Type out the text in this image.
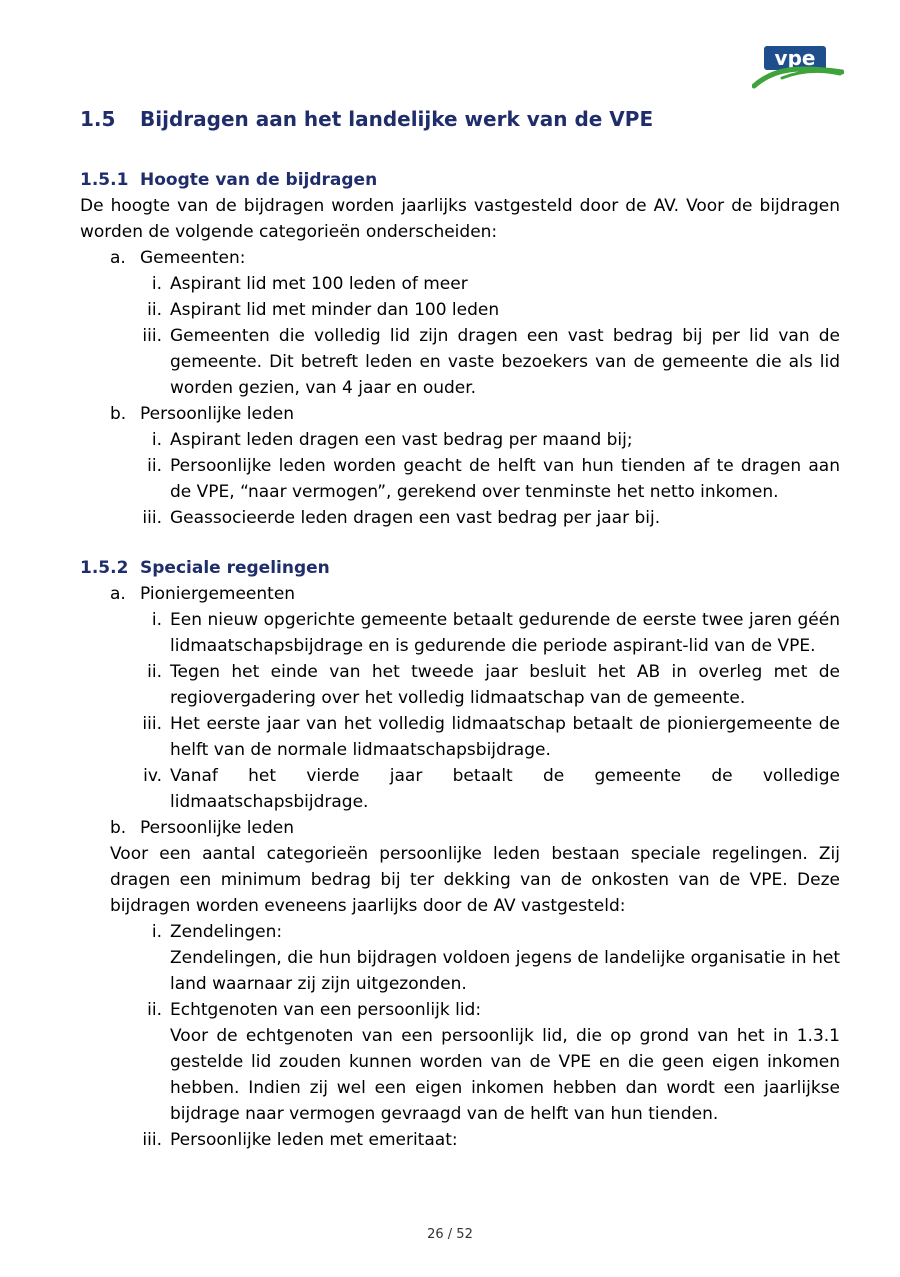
vpe
1.5	Bijdragen aan het landelijke werk van de VPE
1.5.1 Hoogte van de bijdragen

De hoogte van de bijdragen worden jaarlijks vastgesteld door de AV. Voor de bijdragen worden de volgende categorieën onderscheiden:

a. Gemeenten:
i. Aspirant lid met 100 leden of meer
ii. Aspirant lid met minder dan 100 leden
iii. Gemeenten die volledig lid zijn dragen een vast bedrag bij per lid van de gemeente. Dit betreft leden en vaste bezoekers van de gemeente die als lid worden gezien, van 4 jaar en ouder.
b. Persoonlijke leden
i. Aspirant leden dragen een vast bedrag per maand bij;
ii. Persoonlijke leden worden geacht de helft van hun tienden af te dragen aan de VPE, “naar vermogen”, gerekend over tenminste het netto inkomen.
iii. Geassocieerde leden dragen een vast bedrag per jaar bij.
1.5.2 Speciale regelingen
a. Pioniergemeenten
i. Een nieuw opgerichte gemeente betaalt gedurende de eerste twee jaren géén lidmaatschapsbijdrage en is gedurende die periode aspirant-lid van de VPE.
ii. Tegen het einde van het tweede jaar besluit het AB in overleg met de regiovergadering over het volledig lidmaatschap van de gemeente.
iii. Het eerste jaar van het volledig lidmaatschap betaalt de pioniergemeente de helft van de normale lidmaatschapsbijdrage.
iv. Vanaf het vierde jaar betaalt de gemeente de volledige lidmaatschapsbijdrage.
b. Persoonlijke leden

Voor een aantal categorieën persoonlijke leden bestaan speciale regelingen. Zij dragen een minimum bedrag bij ter dekking van de onkosten van de VPE. Deze bijdragen worden eveneens jaarlijks door de AV vastgesteld:

i. Zendelingen:
Zendelingen, die hun bijdragen voldoen jegens de landelijke organisatie in het land waarnaar zij zijn uitgezonden.
ii. Echtgenoten van een persoonlijk lid:
Voor de echtgenoten van een persoonlijk lid, die op grond van het in 1.3.1 gestelde lid zouden kunnen worden van de VPE en die geen eigen inkomen hebben. Indien zij wel een eigen inkomen hebben dan wordt een jaarlijkse bijdrage naar vermogen gevraagd van de helft van hun tienden.
iii. Persoonlijke leden met emeritaat:
26 / 52
